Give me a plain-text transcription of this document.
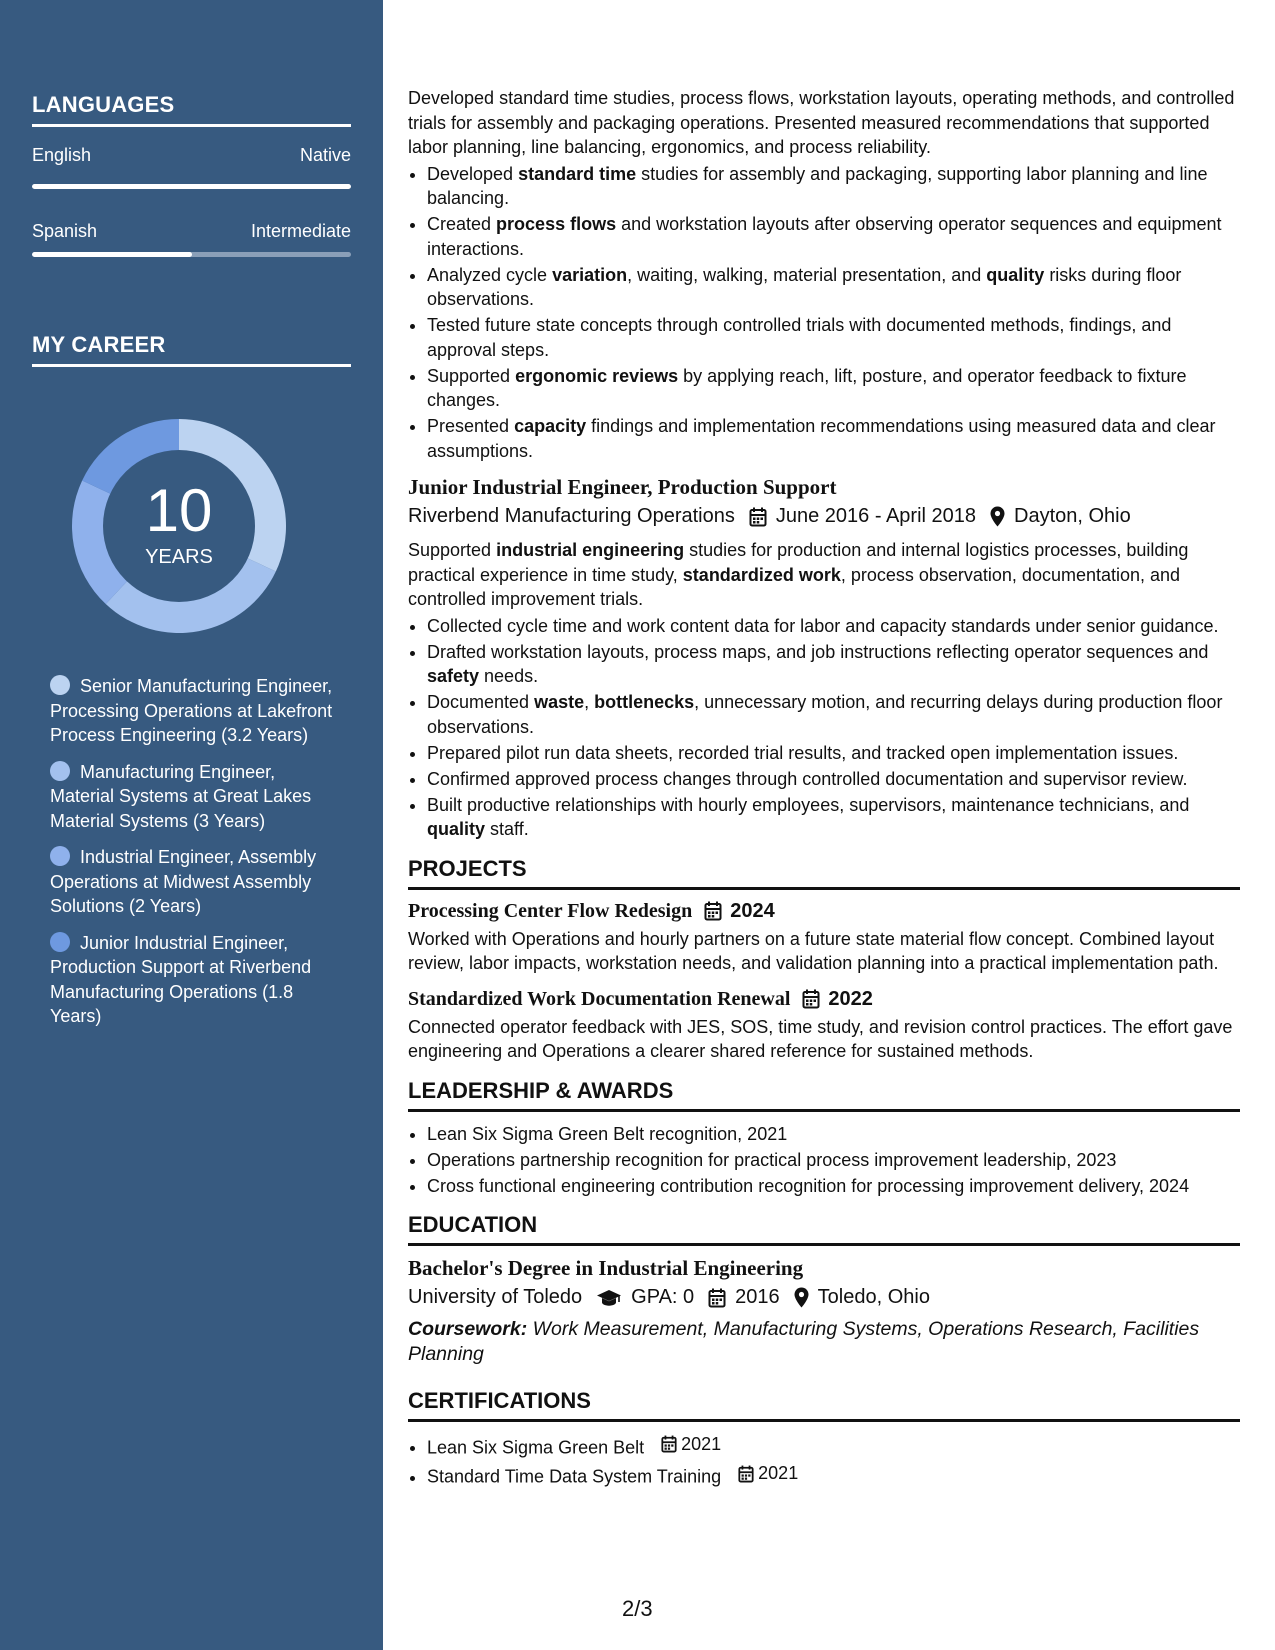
LANGUAGES
English	Native
Spanish	Intermediate
MY CAREER
10
YEARS
Senior Manufacturing Engineer, Processing Operations at Lakefront Process Engineering (3.2 Years)
Manufacturing Engineer, Material Systems at Great Lakes Material Systems (3 Years)
Industrial Engineer, Assembly Operations at Midwest Assembly Solutions (2 Years)
Junior Industrial Engineer, Production Support at Riverbend Manufacturing Operations (1.8 Years)

Developed standard time studies, process flows, workstation layouts, operating methods, and controlled trials for assembly and packaging operations. Presented measured recommendations that supported labor planning, line balancing, ergonomics, and process reliability.

• Developed standard time studies for assembly and packaging, supporting labor planning and line balancing.
• Created process flows and workstation layouts after observing operator sequences and equipment interactions.
• Analyzed cycle variation, waiting, walking, material presentation, and quality risks during floor observations.
• Tested future state concepts through controlled trials with documented methods, findings, and approval steps.
• Supported ergonomic reviews by applying reach, lift, posture, and operator feedback to fixture changes.
• Presented capacity findings and implementation recommendations using measured data and clear assumptions.
Junior Industrial Engineer, Production Support
Riverbend Manufacturing Operations June 2016 - April 2018 Dayton, Ohio

Supported industrial engineering studies for production and internal logistics processes, building practical experience in time study, standardized work, process observation, documentation, and controlled improvement trials.

• Collected cycle time and work content data for labor and capacity standards under senior guidance.
• Drafted workstation layouts, process maps, and job instructions reflecting operator sequences and safety needs.
• Documented waste, bottlenecks, unnecessary motion, and recurring delays during production floor observations.
• Prepared pilot run data sheets, recorded trial results, and tracked open implementation issues.
• Confirmed approved process changes through controlled documentation and supervisor review.
• Built productive relationships with hourly employees, supervisors, maintenance technicians, and quality staff.
PROJECTS
Processing Center Flow Redesign 2024

Worked with Operations and hourly partners on a future state material flow concept. Combined layout review, labor impacts, workstation needs, and validation planning into a practical implementation path.

Standardized Work Documentation Renewal 2022

Connected operator feedback with JES, SOS, time study, and revision control practices. The effort gave engineering and Operations a clearer shared reference for sustained methods.

LEADERSHIP & AWARDS
• Lean Six Sigma Green Belt recognition, 2021
• Operations partnership recognition for practical process improvement leadership, 2023
• Cross functional engineering contribution recognition for processing improvement delivery, 2024
EDUCATION
Bachelor's Degree in Industrial Engineering
University of Toledo GPA: 0 2016 Toledo, Ohio

Coursework: Work Measurement, Manufacturing Systems, Operations Research, Facilities Planning

CERTIFICATIONS
• Lean Six Sigma Green Belt 2021
• Standard Time Data System Training 2021
2/3
